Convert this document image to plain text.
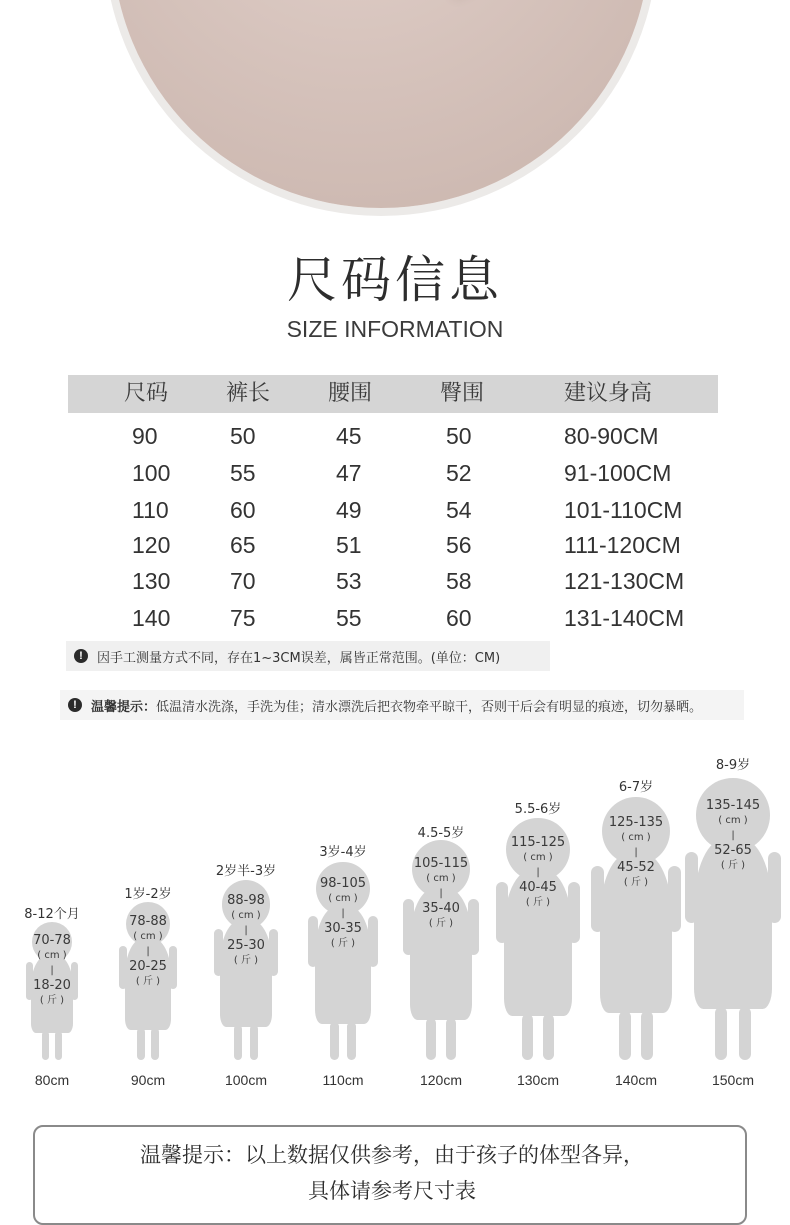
尺码信息
SIZE INFORMATION
尺码	裤长	腰围	臀围	建议身高
90	50	45	50	80-90CM
100	55	47	52	91-100CM
110	60	49	54	101-110CM
120	65	51	56	111-120CM
130	70	53	58	121-130CM
140	75	55	60	131-140CM
!	因手工测量方式不同，存在1~3CM误差，属皆正常范围。(单位：CM)
!	温馨提示： 低温清水洗涤，手洗为佳；清水漂洗后把衣物牵平晾干，否则干后会有明显的痕迹，切勿暴晒。
8-12个月
70-78
( cm )
|
18-20
( 斤 )
80cm
1岁-2岁
78-88
( cm )
|
20-25
( 斤 )
90cm
2岁半-3岁
88-98
( cm )
|
25-30
( 斤 )
100cm
3岁-4岁
98-105
( cm )
|
30-35
( 斤 )
110cm
4.5-5岁
105-115
( cm )
|
35-40
( 斤 )
120cm
5.5-6岁
115-125
( cm )
|
40-45
( 斤 )
130cm
6-7岁
125-135
( cm )
|
45-52
( 斤 )
140cm
8-9岁
135-145
( cm )
|
52-65
( 斤 )
150cm
温馨提示：以上数据仅供参考，由于孩子的体型各异，
具体请参考尺寸表
